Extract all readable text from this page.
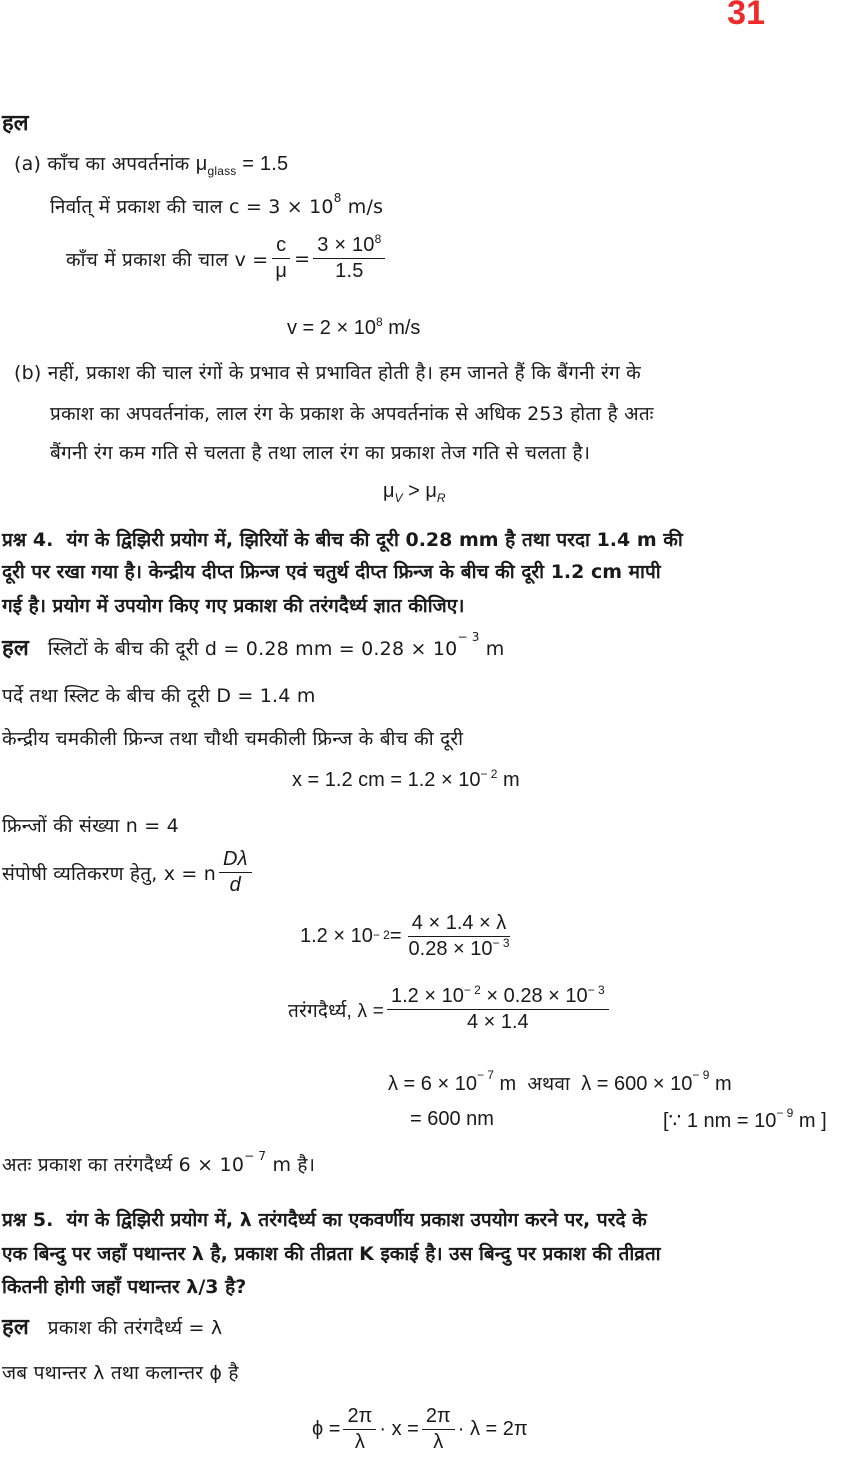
31
हल
(a) काँच का अपवर्तनांक $\mu_{glass} = 1.5$
निर्वात् में प्रकाश की चाल $c = 3 \times 10^8$ m/s
काँच में प्रकाश की चाल $v = \frac{c}{\mu} = \frac{3 \times 10^8}{1.5}$
$v = 2 \times 10^8$ m/s
(b) नहीं, प्रकाश की चाल रंगों के प्रभाव से प्रभावित होती है। हम जानते हैं कि बैंगनी रंग के
प्रकाश का अपवर्तनांक, लाल रंग के प्रकाश के अपवर्तनांक से अधिक 253 होता है अतः
बैंगनी रंग कम गति से चलता है तथा लाल रंग का प्रकाश तेज गति से चलता है।
$\mu_V > \mu_R$
प्रश्न 4. यंग के द्विझिरी प्रयोग में, झिरियों के बीच की दूरी 0.28 mm है तथा परदा 1.4 m की
दूरी पर रखा गया है। केन्द्रीय दीप्त फ्रिन्ज एवं चतुर्थ दीप्त फ्रिन्ज के बीच की दूरी 1.2 cm मापी
गई है। प्रयोग में उपयोग किए गए प्रकाश की तरंगदैर्ध्य ज्ञात कीजिए।
हल स्लिटों के बीच की दूरी d = 0.28 mm = $0.28 \times 10^{- 3}$ m
पर्दे तथा स्लिट के बीच की दूरी D = 1.4 m
केन्द्रीय चमकीली फ्रिन्ज तथा चौथी चमकीली फ्रिन्ज के बीच की दूरी
x = 1.2 cm = $1.2 \times 10^{- 2}$ m
फ्रिन्जों की संख्या n = 4
संपोषी व्यतिकरण हेतु, x = n $\frac{D\lambda}{d}$
$1.2 \times 10^{- 2} = \frac{4 \times 1.4 \times \lambda}{0.28 \times 10^{- 3}}$
तरंगदैर्ध्य, $\lambda = \frac{1.2 \times 10^{- 2} \times 0.28 \times 10^{- 3}}{4 \times 1.4}$
$\lambda = 6 \times 10^{- 7}$ m अथवा $\lambda = 600 \times 10^{- 9}$ m
= 600 nm	[∵ 1 nm = $10^{- 9}$ m ]
अतः प्रकाश का तरंगदैर्ध्य $6 \times 10^{- 7}$ m है।
प्रश्न 5. यंग के द्विझिरी प्रयोग में, λ तरंगदैर्ध्य का एकवर्णीय प्रकाश उपयोग करने पर, परदे के
एक बिन्दु पर जहाँ पथान्तर λ है, प्रकाश की तीव्रता K इकाई है। उस बिन्दु पर प्रकाश की तीव्रता
कितनी होगी जहाँ पथान्तर λ/3 है?
हल प्रकाश की तरंगदैर्ध्य = λ
जब पथान्तर λ तथा कलान्तर ϕ है
$\phi = \frac{2\pi}{\lambda} \cdot x = \frac{2\pi}{\lambda} \cdot \lambda = 2\pi$
